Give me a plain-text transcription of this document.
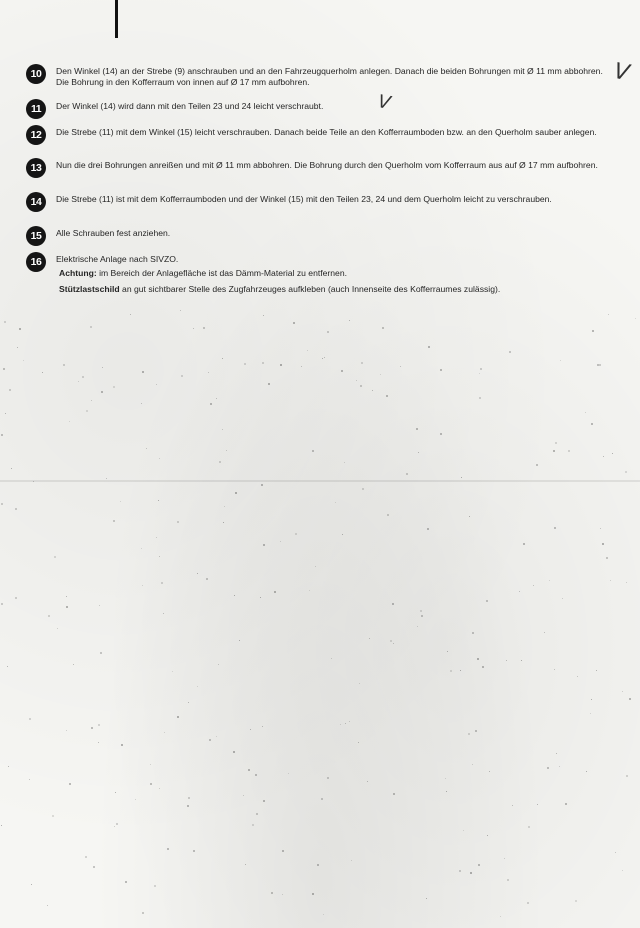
V
V
10	Den Winkel (14) an der Strebe (9) anschrauben und an den Fahrzeugquerholm anlegen. Danach die beiden Bohrungen mit Ø 11 mm abbohren. Die Bohrung in den Kofferraum von innen auf Ø 17 mm aufbohren.

11	Der Winkel (14) wird dann mit den Teilen 23 und 24 leicht verschraubt.

12	Die Strebe (11) mit dem Winkel (15) leicht verschrauben. Danach beide Teile an den Kofferraumboden bzw. an den Querholm sauber anlegen.

13	Nun die drei Bohrungen anreißen und mit Ø 11 mm abbohren. Die Bohrung durch den Querholm vom Kofferraum aus auf Ø 17 mm aufbohren.

14	Die Strebe (11) ist mit dem Kofferraumboden und der Winkel (15) mit den Teilen 23, 24 und dem Querholm leicht zu verschrauben.

15	Alle Schrauben fest anziehen.

16	Elektrische Anlage nach SIVZO.

Achtung: im Bereich der Anlagefläche ist das Dämm-Material zu entfernen.
Stützlastschild an gut sichtbarer Stelle des Zugfahrzeuges aufkleben (auch Innenseite des Kofferraumes zulässig).
